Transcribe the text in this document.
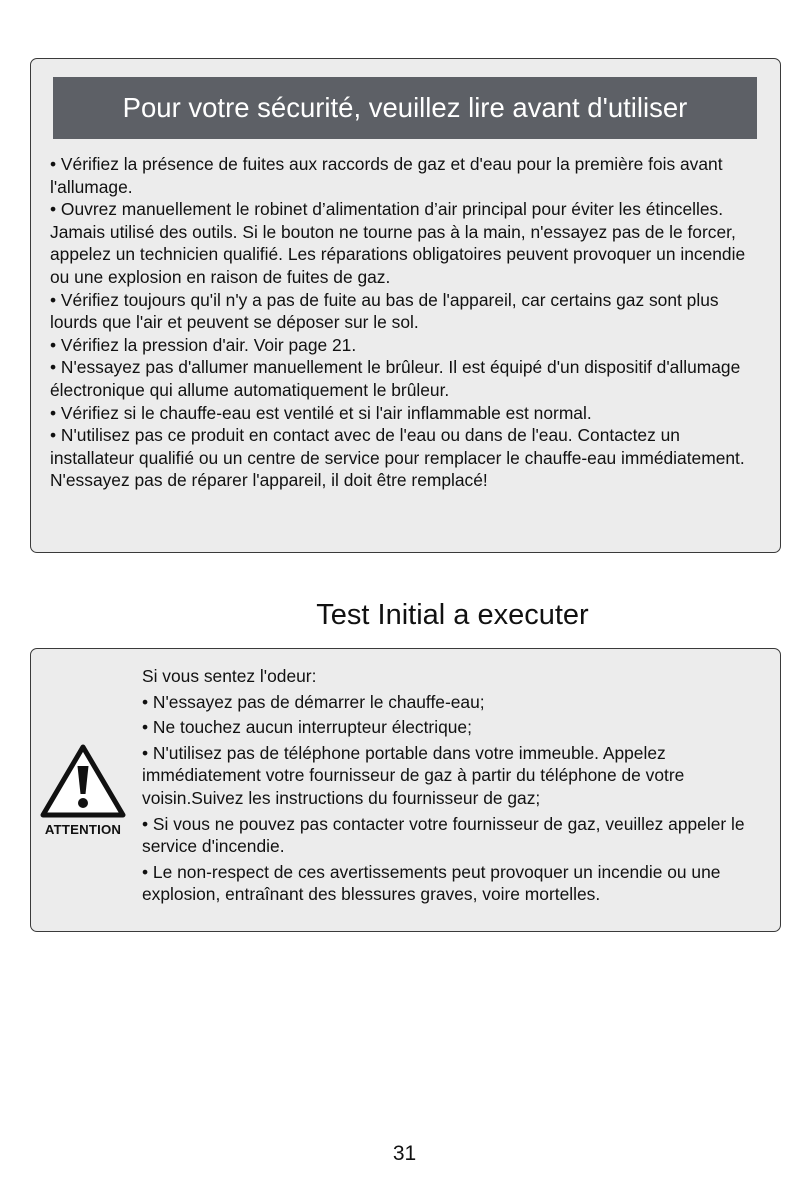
Pour votre sécurité, veuillez lire avant d'utiliser
• Vérifiez la présence de fuites aux raccords de gaz et d'eau pour la première fois avant l'allumage.
• Ouvrez manuellement le robinet d’alimentation d’air principal pour éviter les étincelles. Jamais utilisé des outils. Si le bouton ne tourne pas à la main, n'essayez pas de le forcer, appelez un technicien qualifié. Les réparations obligatoires peuvent provoquer un incendie ou une explosion en raison de fuites de gaz.
• Vérifiez toujours qu'il n'y a pas de fuite au bas de l'appareil, car certains gaz sont plus lourds que l'air et peuvent se déposer sur le sol.
• Vérifiez la pression d'air. Voir page 21.
• N'essayez pas d'allumer manuellement le brûleur. Il est équipé d'un dispositif d'allumage électronique qui allume automatiquement le brûleur.
• Vérifiez si le chauffe-eau est ventilé et si l'air inflammable est normal.
• N'utilisez pas ce produit en contact avec de l'eau ou dans de l'eau. Contactez un installateur qualifié ou un centre de service pour remplacer le chauffe-eau immédiatement. N'essayez pas de réparer l'appareil, il doit être remplacé!
Test Initial a executer
ATTENTION
Si vous sentez l'odeur:
• N'essayez pas de démarrer le chauffe-eau;
• Ne touchez aucun interrupteur électrique;
• N'utilisez pas de téléphone portable dans votre immeuble. Appelez immédiatement votre fournisseur de gaz à partir du téléphone de votre voisin.Suivez les instructions du fournisseur de gaz;
• Si vous ne pouvez pas contacter votre fournisseur de gaz, veuillez appeler le service d'incendie.
• Le non-respect de ces avertissements peut provoquer un incendie ou une explosion, entraînant des blessures graves, voire mortelles.
31
